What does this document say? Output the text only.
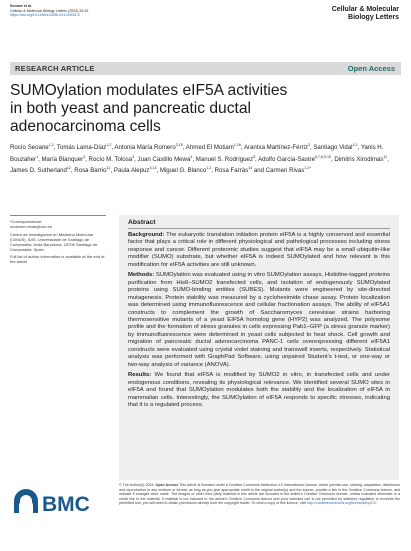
Seoane et al.
Cellular & Molecular Biology Letters (2024) 29:15
https://doi.org/10.1186/s11658-024-00533-5
Cellular & Molecular
Biology Letters
RESEARCH ARTICLE	Open Access
SUMOylation modulates eIF5A activities
in both yeast and pancreatic ductal
adenocarcinoma cells
Rocío Seoane$^{1,2}$, Tomás Lama-Díaz$^{1,2}$, Antonia María Romero$^{3,15}$, Ahmed El Motiam$^{1,16}$, Arantxa Martínez-Férriz$^3$, Santiago Vidal$^{1,2}$, Yanis H. Bouzaher$^1$, María Blanquer$^3$, Rocío M. Tolosa$^3$, Juan Castillo Mewa$^4$, Manuel S. Rodríguez$^5$, Adolfo García-Sastre$^{6,7,8,9,10}$, Dimitris Xirodimas$^{11}$, James D. Sutherland$^{12}$, Rosa Barrio$^{12}$, Paula Alepuz$^{3,13}$, Miguel G. Blanco$^{1,2}$, Rosa Farràs$^{14}$ and Carmen Rivas$^{1,2*}$
*Correspondence:
mcarmen.rivas@usc.es
Centro de Investigación en Medicina Molecular (CIMUS), IDIS, Universidade de Santiago de Compostela, Avda Barcelona, 15706 Santiago de Compostela, Spain
Full list of author information is available at the end of the article
Abstract

Background: The eukaryotic translation initiation protein eIF5A is a highly conserved and essential factor that plays a critical role in different physiological and pathological processes including stress response and cancer. Different proteomic studies suggest that eIF5A may be a small ubiquitin-like modifier (SUMO) substrate, but whether eIF5A is indeed SUMOylated and how relevant is this modification for eIF5A activities are still unknown.

Methods: SUMOylation was evaluated using in vitro SUMOylation assays, Histidine-tagged proteins purification from His6–SUMO2 transfected cells, and isolation of endogenously SUMOylated proteins using SUMO-binding entities (SUBES). Mutants were engineered by site-directed mutagenesis. Protein stability was measured by a cycloheximide chase assay. Protein localization was determined using immunofluorescence and cellular fractionation assays. The ability of eIF5A1 constructs to complement the growth of Saccharomyces cerevisiae strains harboring thermosensitive mutants of a yeast EIF5A homolog gene (HYP2) was analyzed. The polysome profile and the formation of stress granules in cells expressing Pab1–GFP (a stress granule marker) by immunofluorescence were determined in yeast cells subjected to heat shock. Cell growth and migration of pancreatic ductal adenocarcinoma PANC-1 cells overexpressing different eIF5A1 constructs were evaluated using crystal violet staining and transwell inserts, respectively. Statistical analysis was performed with GraphPad Software, using unpaired Student’s t-test, or one-way or two-way analysis of variance (ANOVA).

Results: We found that eIF5A is modified by SUMO2 in vitro, in transfected cells and under endogenous conditions, revealing its physiological relevance. We identified several SUMO sites in eIF5A and found that SUMOylation modulates both the stability and the localization of eIF5A in mammalian cells. Interestingly, the SUMOylation of eIF5A responds to specific stresses, indicating that it is a regulated process.

BMC
© The Author(s) 2024. Open Access This article is licensed under a Creative Commons Attribution 4.0 International License, which permits use, sharing, adaptation, distribution and reproduction in any medium or format, as long as you give appropriate credit to the original author(s) and the source, provide a link to the Creative Commons licence, and indicate if changes were made. The images or other third party material in this article are included in the article’s Creative Commons licence, unless indicated otherwise in a credit line to the material. If material is not included in the article’s Creative Commons licence and your intended use is not permitted by statutory regulation or exceeds the permitted use, you will need to obtain permission directly from the copyright holder. To view a copy of this licence, visit http://creativecommons.org/licenses/by/4.0/.
